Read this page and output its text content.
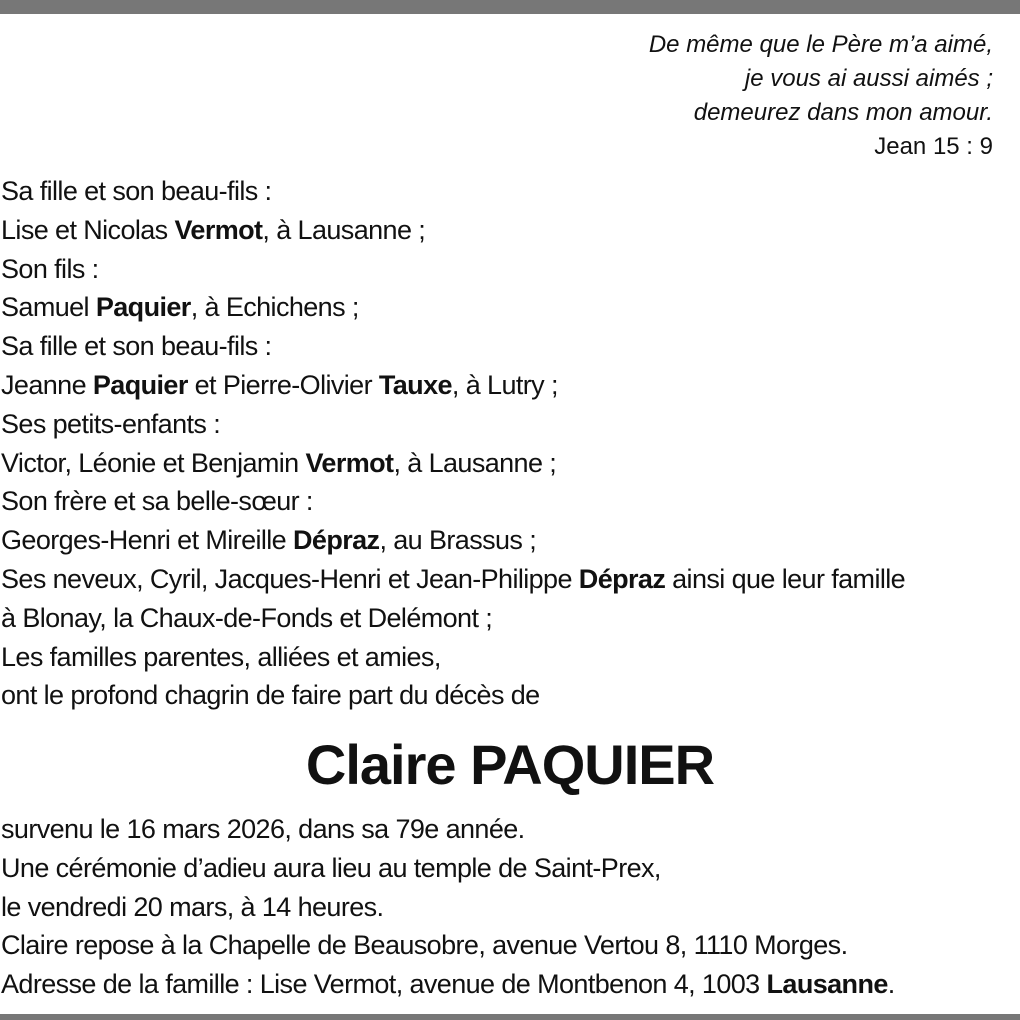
De même que le Père m’a aimé,
je vous ai aussi aimés ;
demeurez dans mon amour.
Jean 15 : 9
Sa fille et son beau-fils :
Lise et Nicolas Vermot, à Lausanne ;
Son fils :
Samuel Paquier, à Echichens ;
Sa fille et son beau-fils :
Jeanne Paquier et Pierre-Olivier Tauxe, à Lutry ;
Ses petits-enfants :
Victor, Léonie et Benjamin Vermot, à Lausanne ;
Son frère et sa belle-sœur :
Georges-Henri et Mireille Dépraz, au Brassus ;
Ses neveux, Cyril, Jacques-Henri et Jean-Philippe Dépraz ainsi que leur famille
à Blonay, la Chaux-de-Fonds et Delémont ;
Les familles parentes, alliées et amies,
ont le profond chagrin de faire part du décès de
Claire PAQUIER
survenu le 16 mars 2026, dans sa 79e année.
Une cérémonie d’adieu aura lieu au temple de Saint-Prex,
le vendredi 20 mars, à 14 heures.
Claire repose à la Chapelle de Beausobre, avenue Vertou 8, 1110 Morges.
Adresse de la famille : Lise Vermot, avenue de Montbenon 4, 1003 Lausanne.
